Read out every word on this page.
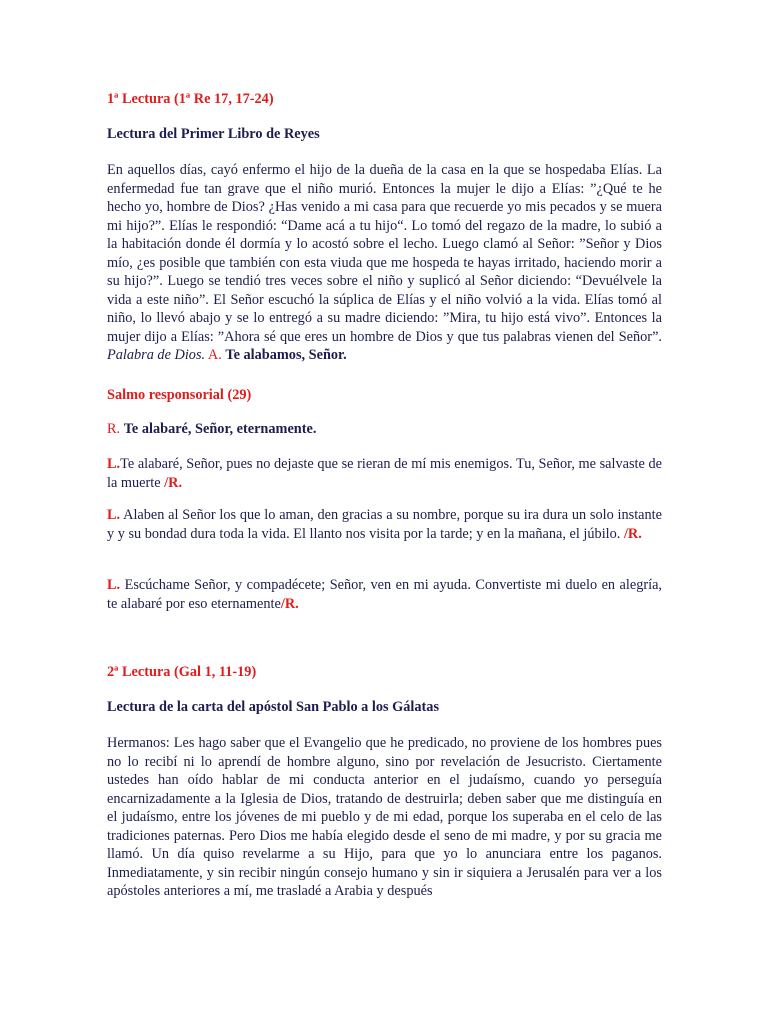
1ª Lectura (1ª Re 17, 17-24)
Lectura del Primer Libro de Reyes
En aquellos días, cayó enfermo el hijo de la dueña de la casa en la que se hospedaba Elías. La enfermedad fue tan grave que el niño murió. Entonces la mujer le dijo a Elías: ”¿Qué te he hecho yo, hombre de Dios? ¿Has venido a mi casa para que recuerde yo mis pecados y se muera mi hijo?”. Elías le respondió: “Dame acá a tu hijo“. Lo tomó del regazo de la madre, lo subió a la habitación donde él dormía y lo acostó sobre el lecho. Luego clamó al Señor: ”Señor y Dios mío, ¿es posible que también con esta viuda que me hospeda te hayas irritado, haciendo morir a su hijo?”. Luego se tendió tres veces sobre el niño y suplicó al Señor diciendo: “Devuélvele la vida a este niño”. El Señor escuchó la súplica de Elías y el niño volvió a la vida. Elías tomó al niño, lo llevó abajo y se lo entregó a su madre diciendo: ”Mira, tu hijo está vivo”. Entonces la mujer dijo a Elías: ”Ahora sé que eres un hombre de Dios y que tus palabras vienen del Señor”. Palabra de Dios. A. Te alabamos, Señor.
Salmo responsorial (29)
R. Te alabaré, Señor, eternamente.
L.Te alabaré, Señor, pues no dejaste que se rieran de mí mis enemigos. Tu, Señor, me salvaste de la muerte /R.
L. Alaben al Señor los que lo aman, den gracias a su nombre, porque su ira dura un solo instante y y su bondad dura toda la vida. El llanto nos visita por la tarde; y en la mañana, el júbilo. /R.
L. Escúchame Señor, y compadécete; Señor, ven en mi ayuda. Convertiste mi duelo en alegría, te alabaré por eso eternamente/R.
2ª Lectura (Gal 1, 11-19)
Lectura de la carta del apóstol San Pablo a los Gálatas
Hermanos: Les hago saber que el Evangelio que he predicado, no proviene de los hombres pues no lo recibí ni lo aprendí de hombre alguno, sino por revelación de Jesucristo. Ciertamente ustedes han oído hablar de mi conducta anterior en el judaísmo, cuando yo perseguía encarnizadamente a la Iglesia de Dios, tratando de destruirla; deben saber que me distinguía en el judaísmo, entre los jóvenes de mi pueblo y de mi edad, porque los superaba en el celo de las tradiciones paternas. Pero Dios me había elegido desde el seno de mi madre, y por su gracia me llamó. Un día quiso revelarme a su Hijo, para que yo lo anunciara entre los paganos. Inmediatamente, y sin recibir ningún consejo humano y sin ir siquiera a Jerusalén para ver a los apóstoles anteriores a mí, me trasladé a Arabia y después
